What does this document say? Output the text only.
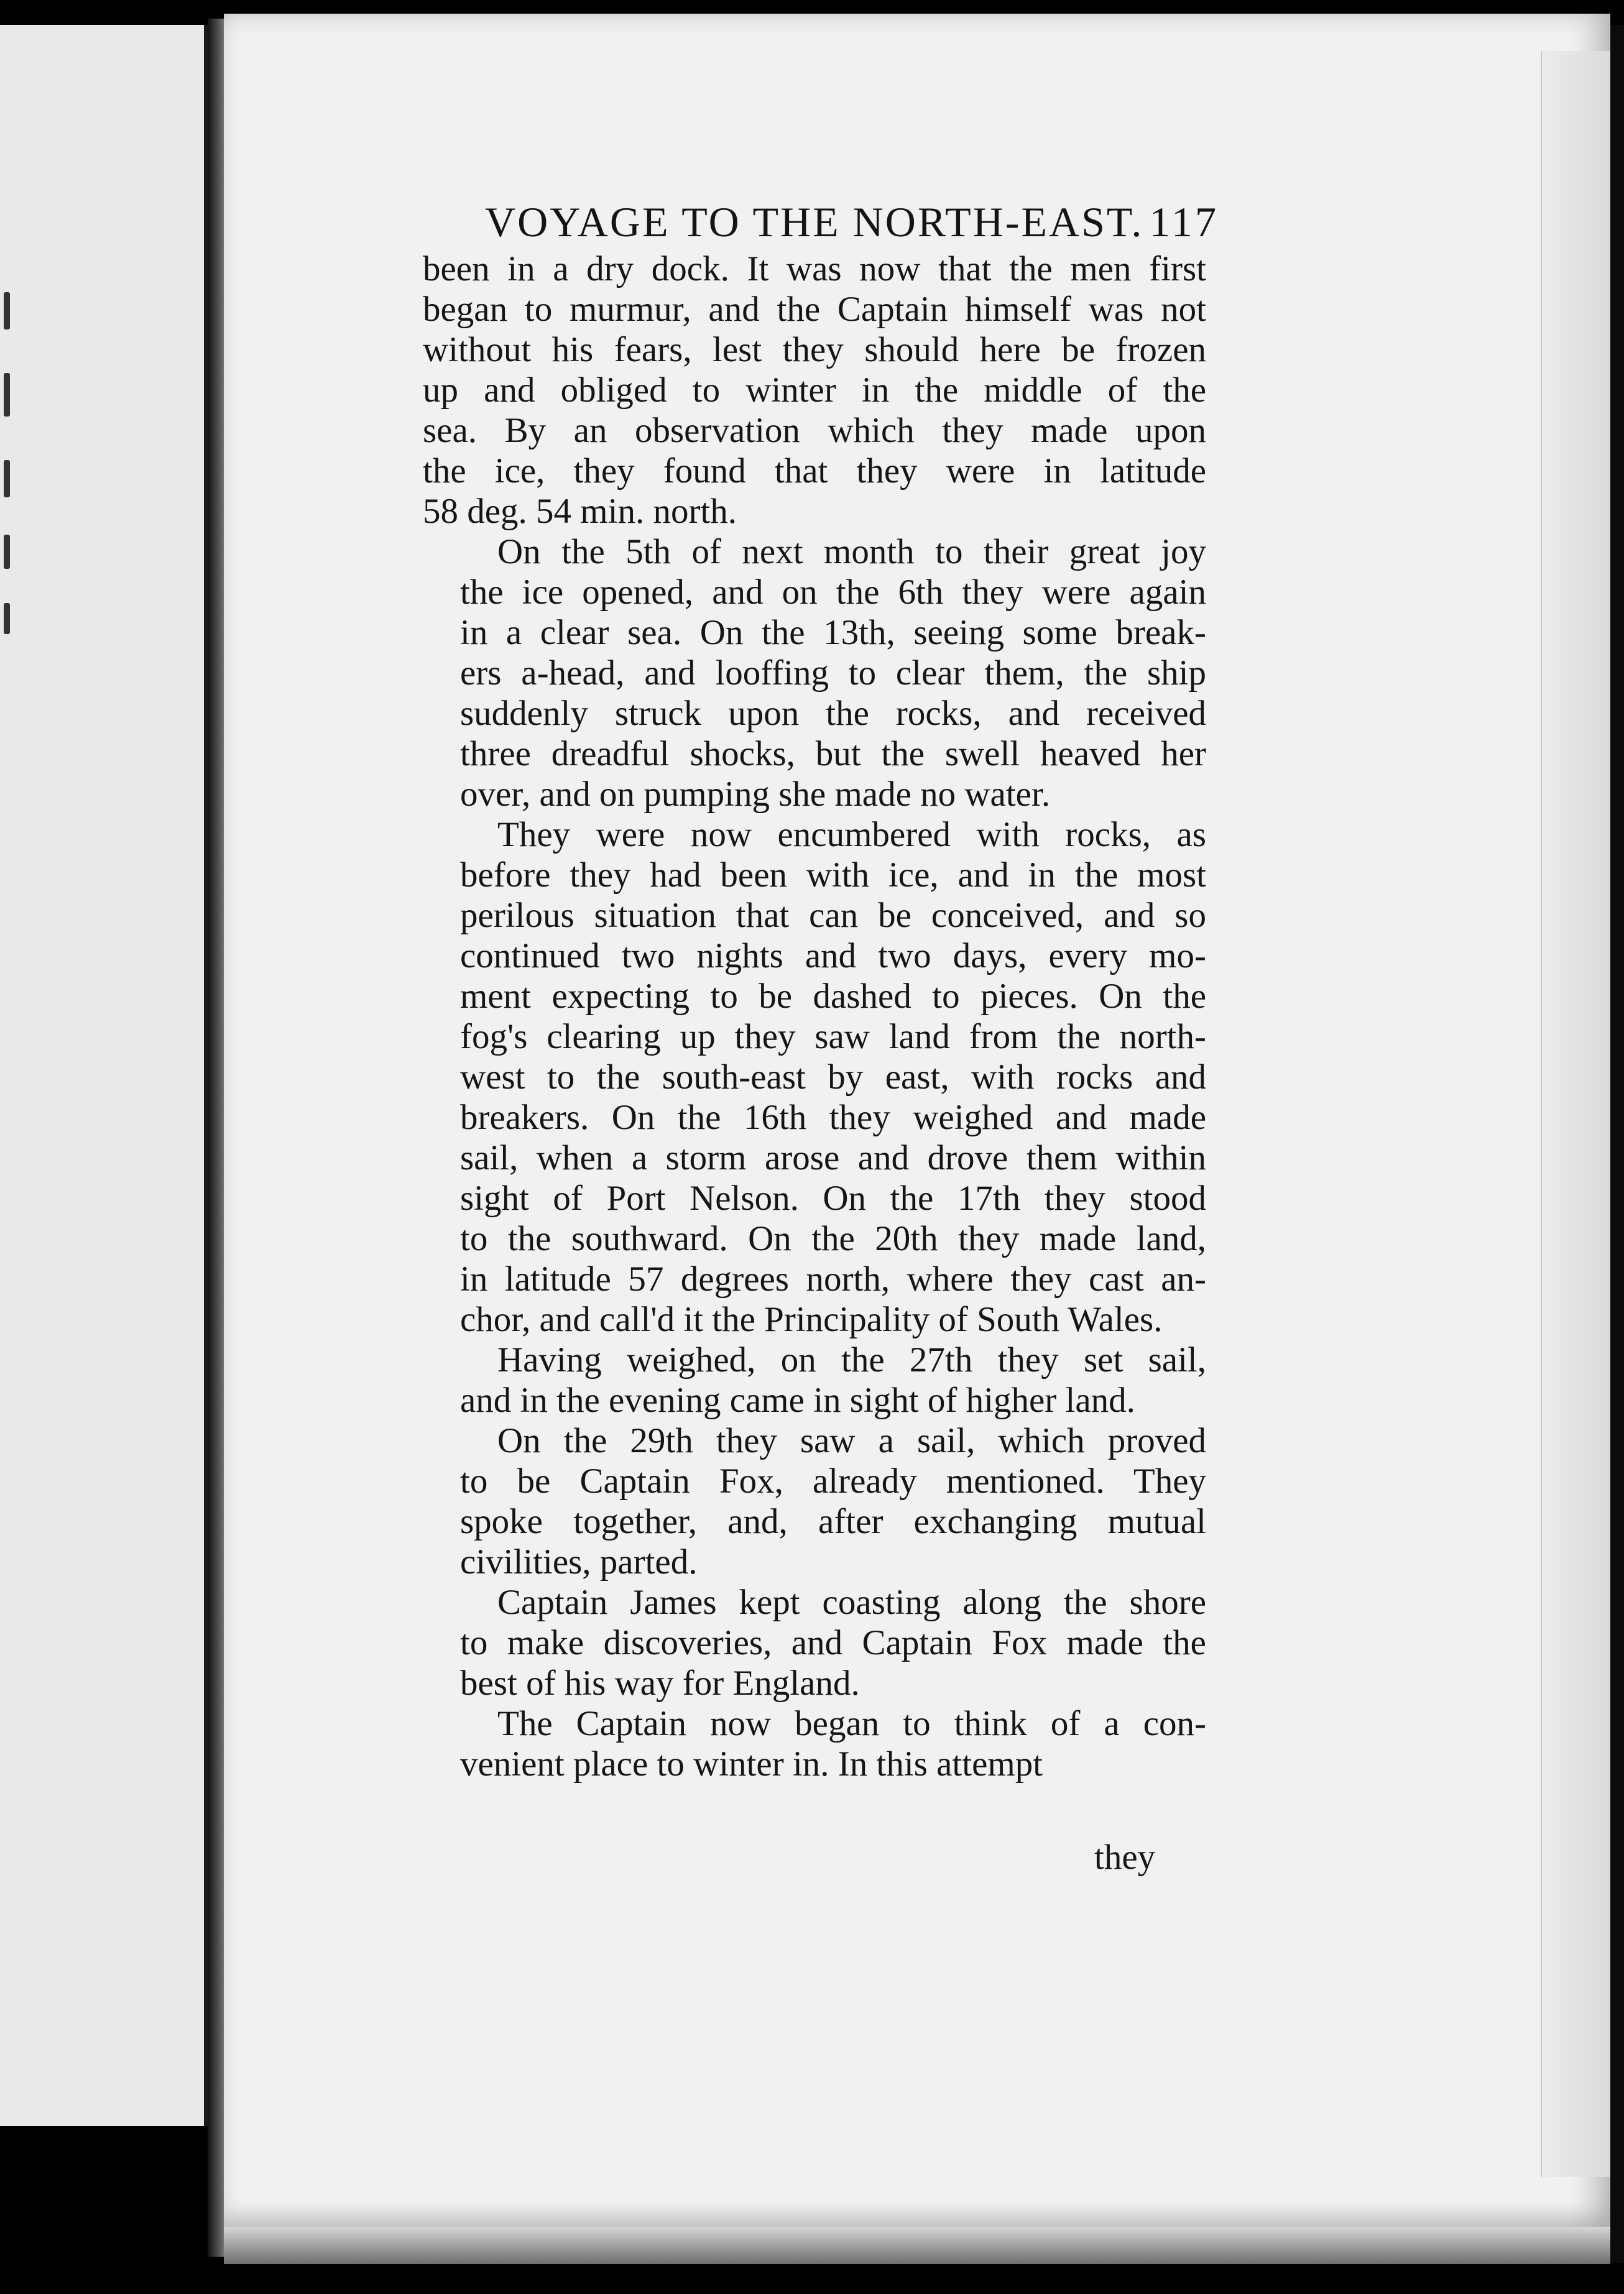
VOYAGE TO THE NORTH-EAST. 117
been in a dry dock. It was now that the men first
began to murmur, and the Captain himself was not
without his fears, lest they should here be frozen
up and obliged to winter in the middle of the
sea. By an observation which they made upon
the ice, they found that they were in latitude
58 deg. 54 min. north.
On the 5th of next month to their great joy
the ice opened, and on the 6th they were again
in a clear sea. On the 13th, seeing some break-
ers a-head, and looffing to clear them, the ship
suddenly struck upon the rocks, and received
three dreadful shocks, but the swell heaved her
over, and on pumping she made no water.
They were now encumbered with rocks, as
before they had been with ice, and in the most
perilous situation that can be conceived, and so
continued two nights and two days, every mo-
ment expecting to be dashed to pieces. On the
fog's clearing up they saw land from the north-
west to the south-east by east, with rocks and
breakers. On the 16th they weighed and made
sail, when a storm arose and drove them within
sight of Port Nelson. On the 17th they stood
to the southward. On the 20th they made land,
in latitude 57 degrees north, where they cast an-
chor, and call'd it the Principality of South Wales.
Having weighed, on the 27th they set sail,
and in the evening came in sight of higher land.
On the 29th they saw a sail, which proved
to be Captain Fox, already mentioned. They
spoke together, and, after exchanging mutual
civilities, parted.
Captain James kept coasting along the shore
to make discoveries, and Captain Fox made the
best of his way for England.
The Captain now began to think of a con-
venient place to winter in. In this attempt
they
